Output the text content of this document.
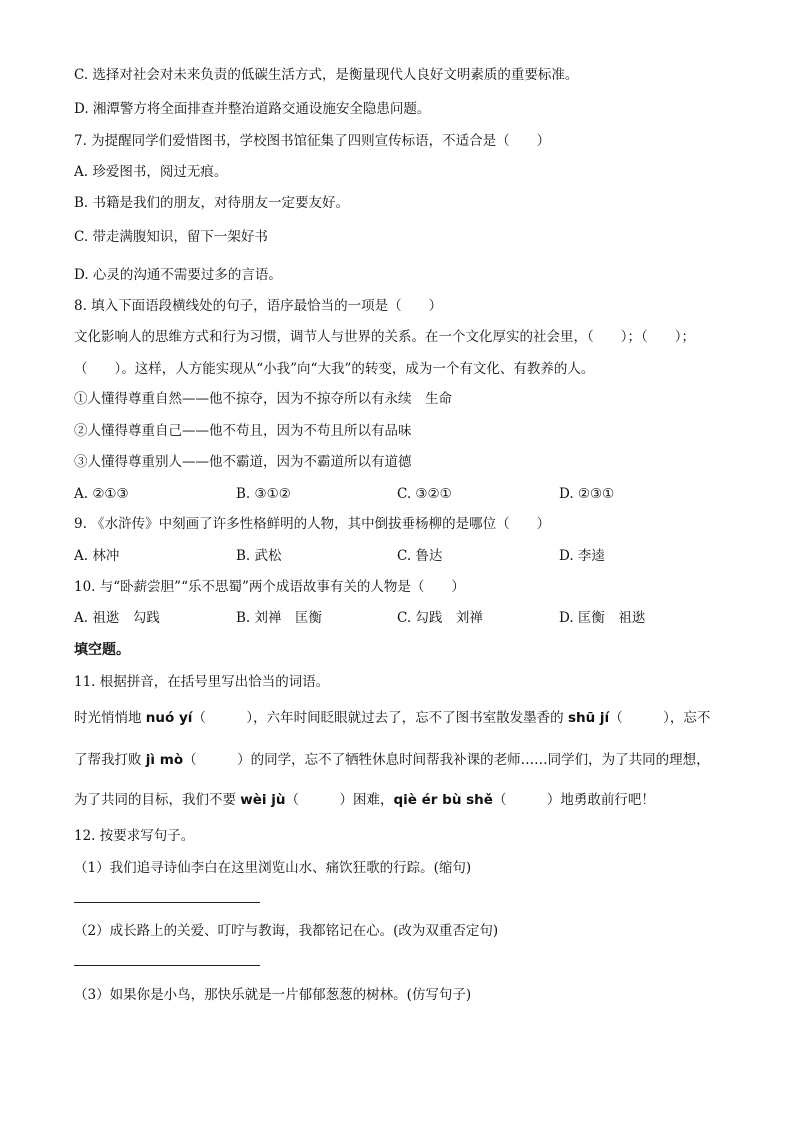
C. 选择对社会对未来负责的低碳生活方式，是衡量现代人良好文明素质的重要标准。
D. 湘潭警方将全面排查并整治道路交通设施安全隐患问题。
7. 为提醒同学们爱惜图书，学校图书馆征集了四则宣传标语，不适合是（　　）
A. 珍爱图书，阅过无痕。
B. 书籍是我们的朋友，对待朋友一定要友好。
C. 带走满腹知识，留下一架好书
D. 心灵的沟通不需要过多的言语。
8. 填入下面语段横线处的句子，语序最恰当的一项是（　　）
文化影响人的思维方式和行为习惯，调节人与世界的关系。在一个文化厚实的社会里，（　　）；（　　）；
（　　）。这样，人方能实现从“小我”向“大我”的转变，成为一个有文化、有教养的人。
①人懂得尊重自然——他不掠夺，因为不掠夺所以有永续　生命
②人懂得尊重自己——他不苟且，因为不苟且所以有品味
③人懂得尊重别人——他不霸道，因为不霸道所以有道德
A. ②①③	B. ③①②	C. ③②①	D. ②③①
9. 《水浒传》中刻画了许多性格鲜明的人物，其中倒拔垂杨柳的是哪位（　　）
A. 林冲	B. 武松	C. 鲁达	D. 李逵
10. 与“卧薪尝胆”“乐不思蜀”两个成语故事有关的人物是（　　）
A. 祖逖　勾践	B. 刘禅　匡衡	C. 勾践　刘禅	D. 匡衡　祖逖
填空题。
11. 根据拼音，在括号里写出恰当的词语。
时光悄悄地 nuó yí（　　　），六年时间眨眼就过去了，忘不了图书室散发墨香的 shū jí（　　　），忘不
了帮我打败 jì mò（　　　）的同学，忘不了牺牲休息时间帮我补课的老师……同学们，为了共同的理想，
为了共同的目标，我们不要 wèi jù（　　　）困难，qiè ér bù shě（　　　）地勇敢前行吧！
12. 按要求写句子。
（1）我们追寻诗仙李白在这里浏览山水、痛饮狂歌的行踪。(缩句)
（2）成长路上的关爱、叮咛与教诲，我都铭记在心。(改为双重否定句)
（3）如果你是小鸟，那快乐就是一片郁郁葱葱的树林。(仿写句子)
